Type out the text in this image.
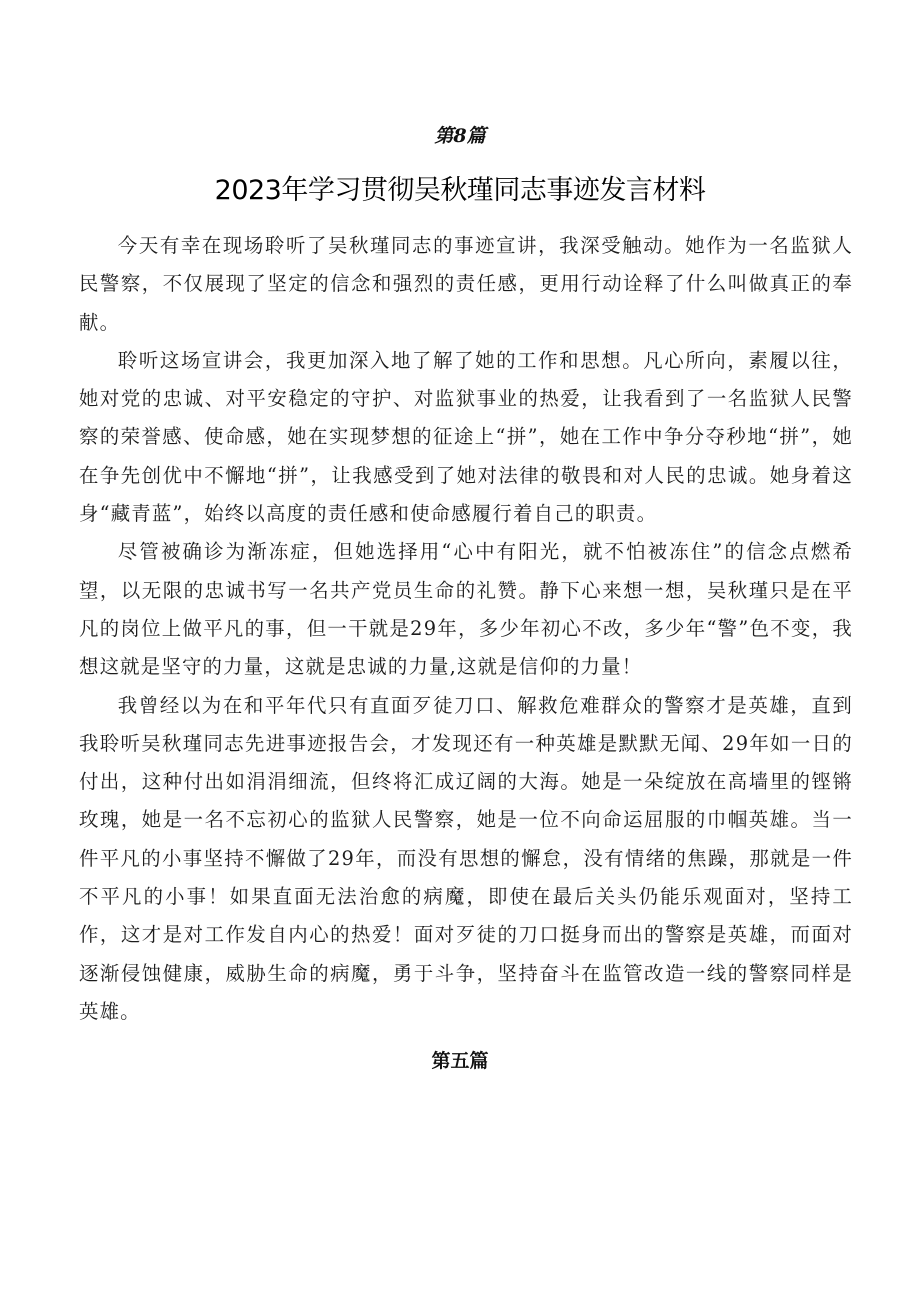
第8篇
2023年学习贯彻吴秋瑾同志事迹发言材料

今天有幸在现场聆听了吴秋瑾同志的事迹宣讲，我深受触动。她作为一名监狱人民警察，不仅展现了坚定的信念和强烈的责任感，更用行动诠释了什么叫做真正的奉献。

聆听这场宣讲会，我更加深入地了解了她的工作和思想。凡心所向，素履以往，她对党的忠诚、对平安稳定的守护、对监狱事业的热爱，让我看到了一名监狱人民警察的荣誉感、使命感，她在实现梦想的征途上“拼”，她在工作中争分夺秒地“拼”，她在争先创优中不懈地“拼”，让我感受到了她对法律的敬畏和对人民的忠诚。她身着这身“藏青蓝”，始终以高度的责任感和使命感履行着自己的职责。

尽管被确诊为渐冻症，但她选择用“心中有阳光，就不怕被冻住”的信念点燃希望，以无限的忠诚书写一名共产党员生命的礼赞。静下心来想一想，吴秋瑾只是在平凡的岗位上做平凡的事，但一干就是29年，多少年初心不改，多少年“警”色不变，我想这就是坚守的力量，这就是忠诚的力量,这就是信仰的力量！

我曾经以为在和平年代只有直面歹徒刀口、解救危难群众的警察才是英雄，直到我聆听吴秋瑾同志先进事迹报告会，才发现还有一种英雄是默默无闻、29年如一日的付出，这种付出如涓涓细流，但终将汇成辽阔的大海。她是一朵绽放在高墙里的铿锵玫瑰，她是一名不忘初心的监狱人民警察，她是一位不向命运屈服的巾帼英雄。当一件平凡的小事坚持不懈做了29年，而没有思想的懈怠，没有情绪的焦躁，那就是一件不平凡的小事！如果直面无法治愈的病魔，即使在最后关头仍能乐观面对，坚持工作，这才是对工作发自内心的热爱！面对歹徒的刀口挺身而出的警察是英雄，而面对逐渐侵蚀健康，威胁生命的病魔，勇于斗争，坚持奋斗在监管改造一线的警察同样是英雄。

第五篇
